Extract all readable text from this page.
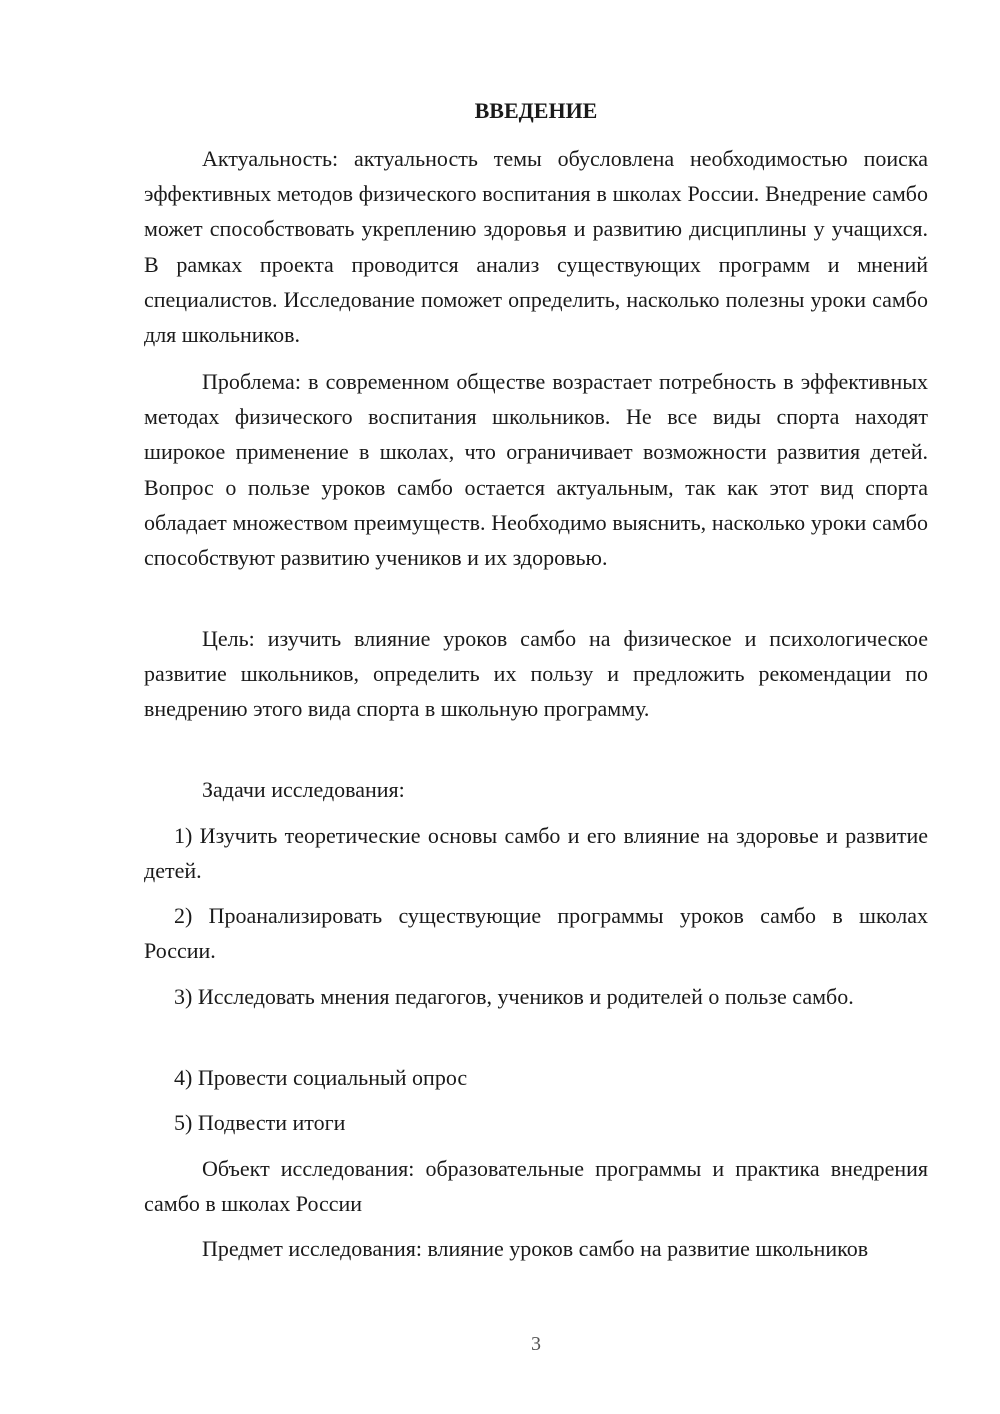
ВВЕДЕНИЕ

Актуальность: актуальность темы обусловлена необходимостью поиска эффективных методов физического воспитания в школах России. Внедрение самбо может способствовать укреплению здоровья и развитию дисциплины у учащихся. В рамках проекта проводится анализ существующих программ и мнений специалистов. Исследование поможет определить, насколько полезны уроки самбо для школьников.

Проблема: в современном обществе возрастает потребность в эффективных методах физического воспитания школьников. Не все виды спорта находят широкое применение в школах, что ограничивает возможности развития детей. Вопрос о пользе уроков самбо остается актуальным, так как этот вид спорта обладает множеством преимуществ. Необходимо выяснить, насколько уроки самбо способствуют развитию учеников и их здоровью.

Цель: изучить влияние уроков самбо на физическое и психологическое развитие школьников, определить их пользу и предложить рекомендации по внедрению этого вида спорта в школьную программу.

Задачи исследования:

1) Изучить теоретические основы самбо и его влияние на здоровье и развитие детей.

2) Проанализировать существующие программы уроков самбо в школах России.

3) Исследовать мнения педагогов, учеников и родителей о пользе самбо.

4) Провести социальный опрос

5) Подвести итоги

Объект исследования: образовательные программы и практика внедрения самбо в школах России

Предмет исследования: влияние уроков самбо на развитие школьников

3
